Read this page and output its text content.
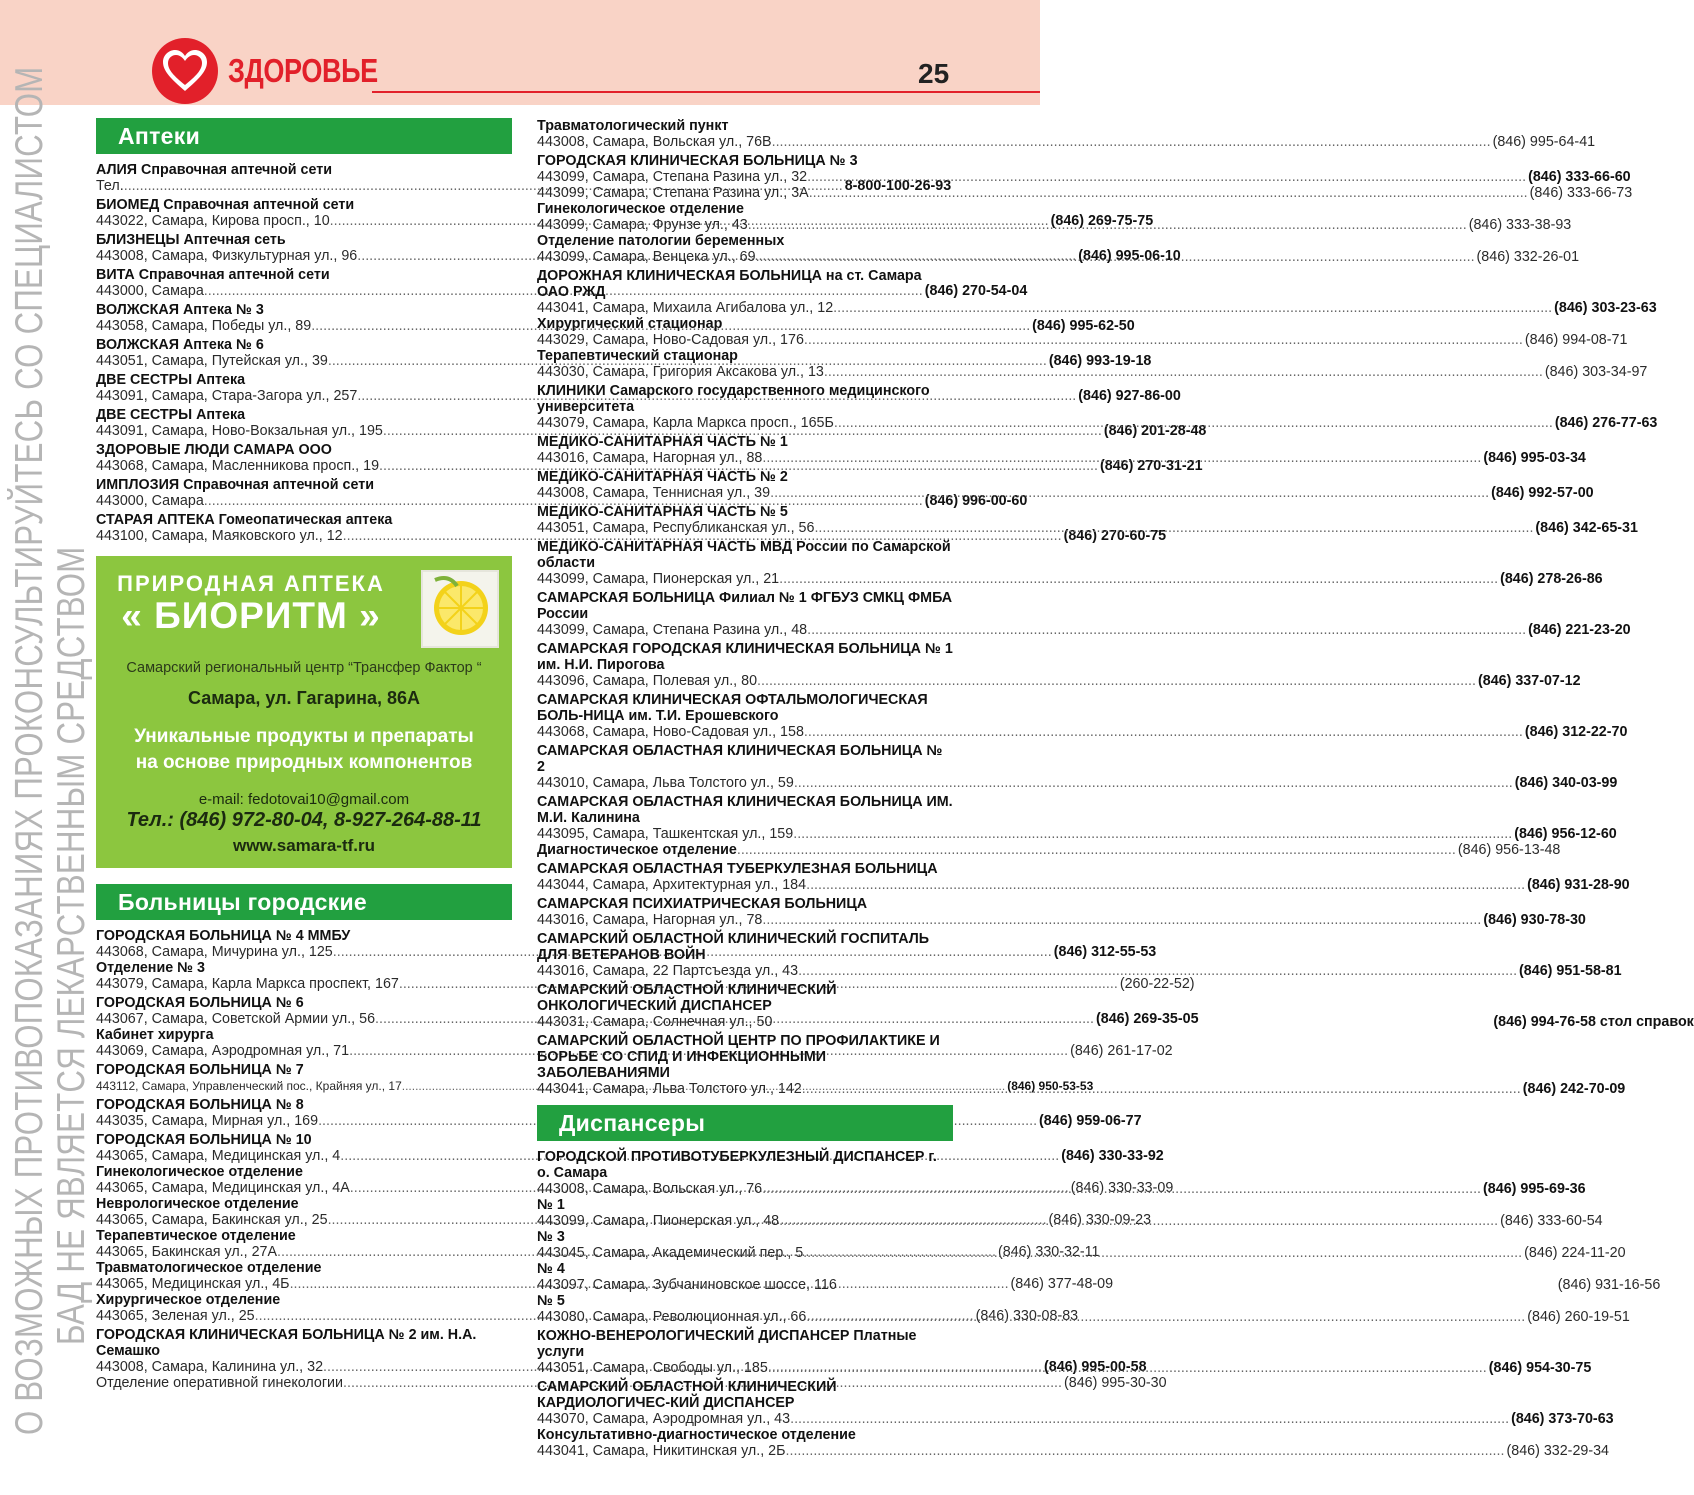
ЗДОРОВЬЕ	25
О ВОЗМОЖНЫХ ПРОТИВОПОКАЗАНИЯХ ПРОКОНСУЛЬТИРУЙТЕСЬ СО СПЕЦИАЛИСТОМ БАД НЕ ЯВЛЯЕТСЯ ЛЕКАРСТВЕННЫМ СРЕДСТВОМ
Аптеки
АЛИЯ Справочная аптечной сети
Тел. .....	8-800-100-26-93
БИОМЕД Справочная аптечной сети
443022, Самара, Кирова просп., 10 .....	(846) 269-75-75
БЛИЗНЕЦЫ Аптечная сеть
443008, Самара, Физкультурная ул., 96 .....	(846) 995-06-10
ВИТА Справочная аптечной сети
443000, Самара .....	(846) 270-54-04
ВОЛЖСКАЯ Аптека № 3
443058, Самара, Победы ул., 89 .....	(846) 995-62-50
ВОЛЖСКАЯ Аптека № 6
443051, Самара, Путейская ул., 39 .....	(846) 993-19-18
ДВЕ СЕСТРЫ Аптека
443091, Самара, Стара-Загора ул., 257 .....	(846) 927-86-00
ДВЕ СЕСТРЫ Аптека
443091, Самара, Ново-Вокзальная ул., 195 .....	(846) 201-28-48
ЗДОРОВЫЕ ЛЮДИ САМАРА ООО
443068, Самара, Масленникова просп., 19 .....	(846) 270-31-21
ИМПЛОЗИЯ Справочная аптечной сети
443000, Самара .....	(846) 996-00-60
СТАРАЯ АПТЕКА Гомеопатическая аптека
443100, Самара, Маяковского ул., 12 .....	(846) 270-60-75
ПРИРОДНАЯ АПТЕКА
« БИОРИТМ »
Самарский региональный центр “Трансфер Фактор “
Самара, ул. Гагарина, 86А
Уникальные продукты и препараты
на основе природных компонентов
e-mail: fedotovai10@gmail.com
Тел.: (846) 972-80-04, 8-927-264-88-11
www.samara-tf.ru
Больницы городские
ГОРОДСКАЯ БОЛЬНИЦА № 4 ММБУ
443068, Самара, Мичурина ул., 125 .....	(846) 312-55-53
Отделение № 3
443079, Самара, Карла Маркса проспект, 167 .....	(260-22-52)
ГОРОДСКАЯ БОЛЬНИЦА № 6
443067, Самара, Советской Армии ул., 56 .....	(846) 269-35-05
Кабинет хирурга
443069, Самара, Аэродромная ул., 71 .....	(846) 261-17-02
ГОРОДСКАЯ БОЛЬНИЦА № 7
443112, Самара, Управленческий пос., Крайняя ул., 17 .....	(846) 950-53-53
ГОРОДСКАЯ БОЛЬНИЦА № 8
443035, Самара, Мирная ул., 169 .....	(846) 959-06-77
ГОРОДСКАЯ БОЛЬНИЦА № 10
443065, Самара, Медицинская ул., 4 .....	(846) 330-33-92
Гинекологическое отделение
443065, Самара, Медицинская ул., 4А .....	(846) 330-33-09
Неврологическое отделение
443065, Самара, Бакинская ул., 25 .....	(846) 330-09-23
Терапевтическое отделение
443065, Бакинская ул., 27А .....	(846) 330-32-11
Травматологическое отделение
443065, Медицинская ул., 4Б .....	(846) 377-48-09
Хирургическое отделение
443065, Зеленая ул., 25 .....	(846) 330-08-83
ГОРОДСКАЯ КЛИНИЧЕСКАЯ БОЛЬНИЦА № 2 им. Н.А. Семашко
443008, Самара, Калинина ул., 32 .....	(846) 995-00-58
Отделение оперативной гинекологии .....	(846) 995-30-30
Травматологический пункт
443008, Самара, Вольская ул., 76В .....	(846) 995-64-41
ГОРОДСКАЯ КЛИНИЧЕСКАЯ БОЛЬНИЦА № 3
443099, Самара, Степана Разина ул., 32 .....	(846) 333-66-60
443099, Самара, Степана Разина ул., 3А .....	(846) 333-66-73
Гинекологическое отделение
443099, Самара, Фрунзе ул., 43 .....	(846) 333-38-93
Отделение патологии беременных
443099, Самара, Венцека ул., 69 .....	(846) 332-26-01
ДОРОЖНАЯ КЛИНИЧЕСКАЯ БОЛЬНИЦА на ст. Самара ОАО РЖД
443041, Самара, Михаила Агибалова ул., 12 .....	(846) 303-23-63
Хирургический стационар
443029, Самара, Ново-Садовая ул., 176 .....	(846) 994-08-71
Терапевтический стационар
443030, Самара, Григория Аксакова ул., 13 .....	(846) 303-34-97
КЛИНИКИ Самарского государственного медицинского университета
443079, Самара, Карла Маркса просп., 165Б .....	(846) 276-77-63
МЕДИКО-САНИТАРНАЯ ЧАСТЬ № 1
443016, Самара, Нагорная ул., 88 .....	(846) 995-03-34
МЕДИКО-САНИТАРНАЯ ЧАСТЬ № 2
443008, Самара, Теннисная ул., 39 .....	(846) 992-57-00
МЕДИКО-САНИТАРНАЯ ЧАСТЬ № 5
443051, Самара, Республиканская ул., 56 .....	(846) 342-65-31
МЕДИКО-САНИТАРНАЯ ЧАСТЬ МВД России по Самарской области
443099, Самара, Пионерская ул., 21 .....	(846) 278-26-86
САМАРСКАЯ БОЛЬНИЦА Филиал № 1 ФГБУЗ СМКЦ ФМБА России
443099, Самара, Степана Разина ул., 48 .....	(846) 221-23-20
САМАРСКАЯ ГОРОДСКАЯ КЛИНИЧЕСКАЯ БОЛЬНИЦА № 1 им. Н.И. Пирогова
443096, Самара, Полевая ул., 80 .....	(846) 337-07-12
САМАРСКАЯ КЛИНИЧЕСКАЯ ОФТАЛЬМОЛОГИЧЕСКАЯ БОЛЬ-НИЦА им. Т.И. Ерошевского
443068, Самара, Ново-Садовая ул., 158 .....	(846) 312-22-70
САМАРСКАЯ ОБЛАСТНАЯ КЛИНИЧЕСКАЯ БОЛЬНИЦА № 2
443010, Самара, Льва Толстого ул., 59 .....	(846) 340-03-99
САМАРСКАЯ ОБЛАСТНАЯ КЛИНИЧЕСКАЯ БОЛЬНИЦА ИМ. М.И. Калинина
443095, Самара, Ташкентская ул., 159 .....	(846) 956-12-60
Диагностическое отделение .....	(846) 956-13-48
САМАРСКАЯ ОБЛАСТНАЯ ТУБЕРКУЛЕЗНАЯ БОЛЬНИЦА
443044, Самара, Архитектурная ул., 184 .....	(846) 931-28-90
САМАРСКАЯ ПСИХИАТРИЧЕСКАЯ БОЛЬНИЦА
443016, Самара, Нагорная ул., 78 .....	(846) 930-78-30
САМАРСКИЙ ОБЛАСТНОЙ КЛИНИЧЕСКИЙ ГОСПИТАЛЬ ДЛЯ ВЕТЕРАНОВ ВОЙН
443016, Самара, 22 Партсъезда ул., 43 .....	(846) 951-58-81
САМАРСКИЙ ОБЛАСТНОЙ КЛИНИЧЕСКИЙ ОНКОЛОГИЧЕСКИЙ ДИСПАНСЕР
443031, Самара, Солнечная ул., 50	(846) 994-76-58 стол справок
САМАРСКИЙ ОБЛАСТНОЙ ЦЕНТР ПО ПРОФИЛАКТИКЕ И БОРЬБЕ СО СПИД И ИНФЕКЦИОННЫМИ ЗАБОЛЕВАНИЯМИ
443041, Самара, Льва Толстого ул., 142 .....	(846) 242-70-09
Диспансеры
ГОРОДСКОЙ ПРОТИВОТУБЕРКУЛЕЗНЫЙ ДИСПАНСЕР г. о. Самара
443008, Самара, Вольская ул., 76 .....	(846) 995-69-36
№ 1
443099, Самара, Пионерская ул., 48 .....	(846) 333-60-54
№ 3
443045, Самара, Академический пер., 5 .....	(846) 224-11-20
№ 4
443097, Самара, Зубчаниновское шоссе, 116	(846) 931-16-56
№ 5
443080, Самара, Революционная ул., 66 .....	(846) 260-19-51
КОЖНО-ВЕНЕРОЛОГИЧЕСКИЙ ДИСПАНСЕР Платные услуги
443051, Самара, Свободы ул., 185 .....	(846) 954-30-75
САМАРСКИЙ ОБЛАСТНОЙ КЛИНИЧЕСКИЙ КАРДИОЛОГИЧЕС-КИЙ ДИСПАНСЕР
443070, Самара, Аэродромная ул., 43 .....	(846) 373-70-63
Консультативно-диагностическое отделение
443041, Самара, Никитинская ул., 2Б .....	(846) 332-29-34
